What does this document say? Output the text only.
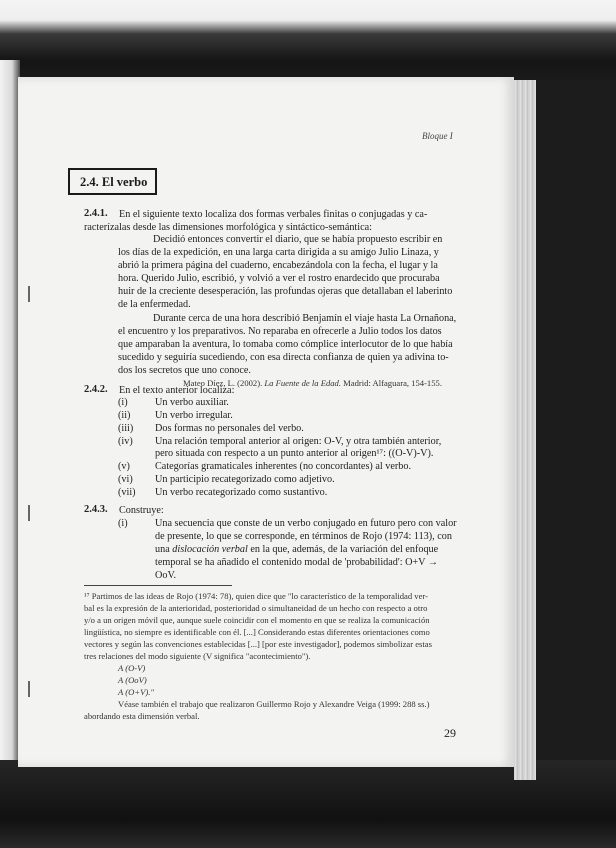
Bloque I
2.4. El verbo
2.4.1. En el siguiente texto localiza dos formas verbales finitas o conjugadas y ca-
racterízalas desde las dimensiones morfológica y sintáctico-semántica:
Decidió entonces convertir el diario, que se había propuesto escribir en
los días de la expedición, en una larga carta dirigida a su amigo Julio Linaza, y
abrió la primera página del cuaderno, encabezándola con la fecha, el lugar y la
hora. Querido Julio, escribió, y volvió a ver el rostro enardecido que procuraba
huir de la creciente desesperación, las profundas ojeras que detallaban el laberinto
de la enfermedad.
Durante cerca de una hora describió Benjamín el viaje hasta La Ornañona,
el encuentro y los preparativos. No reparaba en ofrecerle a Julio todos los datos
que amparaban la aventura, lo tomaba como cómplice interlocutor de lo que había
sucedido y seguiría sucediendo, con esa directa confianza de quien ya adivina to-
dos los secretos que uno conoce.
Mateo Díez, L. (2002). La Fuente de la Edad. Madrid: Alfaguara, 154-155.
2.4.2. En el texto anterior localiza:
(i)	Un verbo auxiliar.
(ii) Un verbo irregular.
(iii) Dos formas no personales del verbo.
(iv) Una relación temporal anterior al origen: O-V, y otra también anterior,
pero situada con respecto a un punto anterior al origen¹⁷: ((O-V)-V).
(v) Categorías gramaticales inherentes (no concordantes) al verbo.
(vi) Un participio recategorizado como adjetivo.
(vii) Un verbo recategorizado como sustantivo.
2.4.3. Construye:
(i)	Una secuencia que conste de un verbo conjugado en futuro pero con valor
de presente, lo que se corresponde, en términos de Rojo (1974: 113), con
una dislocación verbal en la que, además, de la variación del enfoque
temporal se ha añadido el contenido modal de 'probabilidad': O+V →
OoV.
¹⁷ Partimos de las ideas de Rojo (1974: 78), quien dice que "lo característico de la temporalidad ver-
bal es la expresión de la anterioridad, posterioridad o simultaneidad de un hecho con respecto a otro
y/o a un origen móvil que, aunque suele coincidir con el momento en que se realiza la comunicación
lingüística, no siempre es identificable con él. [...] Considerando estas diferentes orientaciones como
vectores y según las convenciones establecidas [...] [por este investigador], podemos simbolizar estas
tres relaciones del modo siguiente (V significa "acontecimiento").
A (O-V)
A (OoV)
A (O+V)."
Véase también el trabajo que realizaron Guillermo Rojo y Alexandre Veiga (1999: 288 ss.)
abordando esta dimensión verbal.
29
